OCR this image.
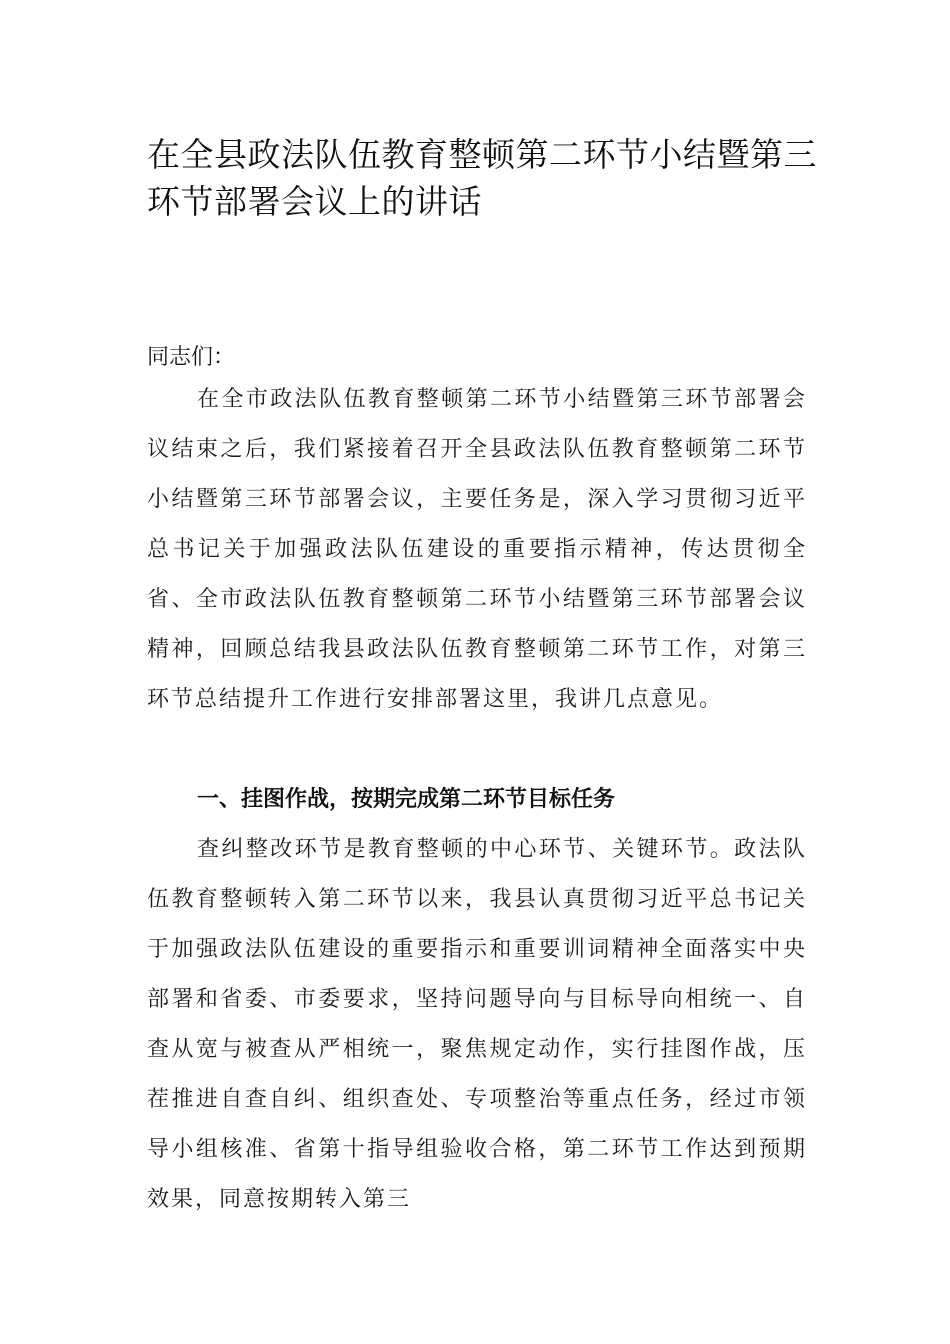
在全县政法队伍教育整顿第二环节小结暨第三环节部署会议上的讲话

同志们：

在全市政法队伍教育整顿第二环节小结暨第三环节部署会议结束之后，我们紧接着召开全县政法队伍教育整顿第二环节小结暨第三环节部署会议，主要任务是，深入学习贯彻习近平总书记关于加强政法队伍建设的重要指示精神，传达贯彻全省、全市政法队伍教育整顿第二环节小结暨第三环节部署会议精神，回顾总结我县政法队伍教育整顿第二环节工作，对第三环节总结提升工作进行安排部署这里，我讲几点意见。

一、挂图作战，按期完成第二环节目标任务

查纠整改环节是教育整顿的中心环节、关键环节。政法队伍教育整顿转入第二环节以来，我县认真贯彻习近平总书记关于加强政法队伍建设的重要指示和重要训词精神全面落实中央部署和省委、市委要求，坚持问题导向与目标导向相统一、自查从宽与被查从严相统一，聚焦规定动作，实行挂图作战，压茬推进自查自纠、组织查处、专项整治等重点任务，经过市领导小组核准、省第十指导组验收合格，第二环节工作达到预期效果，同意按期转入第三
